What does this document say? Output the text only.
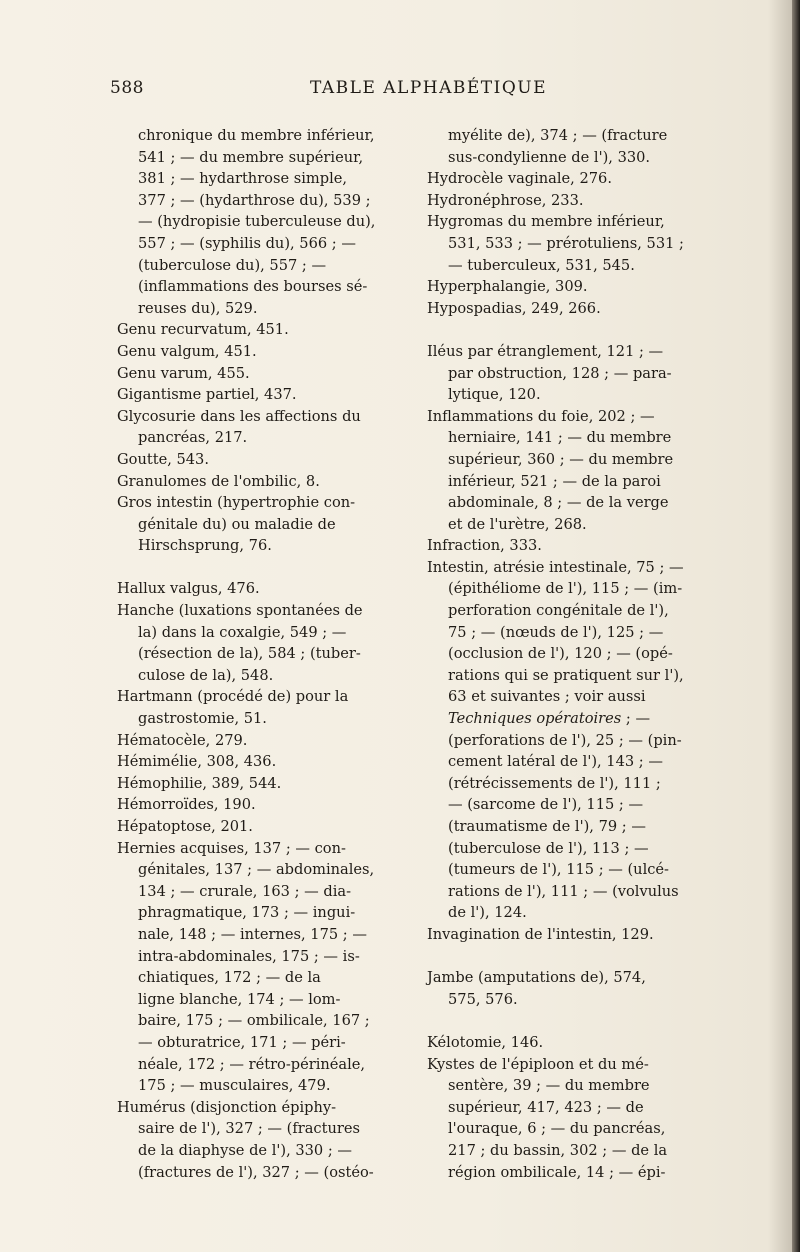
588	TABLE ALPHABÉTIQUE
chronique du membre inférieur,
541 ; — du membre supérieur,
381 ; — hydarthrose simple,
377 ; — (hydarthrose du), 539 ;
— (hydropisie tuberculeuse du),
557 ; — (syphilis du), 566 ; —
(tuberculose du), 557 ; —
(inflammations des bourses sé-
reuses du), 529.
Genu recurvatum, 451.
Genu valgum, 451.
Genu varum, 455.
Gigantisme partiel, 437.
Glycosurie dans les affections du
pancréas, 217.
Goutte, 543.
Granulomes de l'ombilic, 8.
Gros intestin (hypertrophie con-
génitale du) ou maladie de
Hirschsprung, 76.
Hallux valgus, 476.
Hanche (luxations spontanées de
la) dans la coxalgie, 549 ; —
(résection de la), 584 ; (tuber-
culose de la), 548.
Hartmann (procédé de) pour la
gastrostomie, 51.
Hématocèle, 279.
Hémimélie, 308, 436.
Hémophilie, 389, 544.
Hémorroïdes, 190.
Hépatoptose, 201.
Hernies acquises, 137 ; — con-
génitales, 137 ; — abdominales,
134 ; — crurale, 163 ; — dia-
phragmatique, 173 ; — ingui-
nale, 148 ; — internes, 175 ; —
intra-abdominales, 175 ; — is-
chiatiques, 172 ; — de la
ligne blanche, 174 ; — lom-
baire, 175 ; — ombilicale, 167 ;
— obturatrice, 171 ; — péri-
néale, 172 ; — rétro-périnéale,
175 ; — musculaires, 479.
Humérus (disjonction épiphy-
saire de l'), 327 ; — (fractures
de la diaphyse de l'), 330 ; —
(fractures de l'), 327 ; — (ostéo-
myélite de), 374 ; — (fracture
sus-condylienne de l'), 330.
Hydrocèle vaginale, 276.
Hydronéphrose, 233.
Hygromas du membre inférieur,
531, 533 ; — prérotuliens, 531 ;
— tuberculeux, 531, 545.
Hyperphalangie, 309.
Hypospadias, 249, 266.
Iléus par étranglement, 121 ; —
par obstruction, 128 ; — para-
lytique, 120.
Inflammations du foie, 202 ; —
herniaire, 141 ; — du membre
supérieur, 360 ; — du membre
inférieur, 521 ; — de la paroi
abdominale, 8 ; — de la verge
et de l'urètre, 268.
Infraction, 333.
Intestin, atrésie intestinale, 75 ; —
(épithéliome de l'), 115 ; — (im-
perforation congénitale de l'),
75 ; — (nœuds de l'), 125 ; —
(occlusion de l'), 120 ; — (opé-
rations qui se pratiquent sur l'),
63 et suivantes ; voir aussi
Techniques opératoires ; —
(perforations de l'), 25 ; — (pin-
cement latéral de l'), 143 ; —
(rétrécissements de l'), 111 ;
— (sarcome de l'), 115 ; —
(traumatisme de l'), 79 ; —
(tuberculose de l'), 113 ; —
(tumeurs de l'), 115 ; — (ulcé-
rations de l'), 111 ; — (volvulus
de l'), 124.
Invagination de l'intestin, 129.
Jambe (amputations de), 574,
575, 576.
Kélotomie, 146.
Kystes de l'épiploon et du mé-
sentère, 39 ; — du membre
supérieur, 417, 423 ; — de
l'ouraque, 6 ; — du pancréas,
217 ; du bassin, 302 ; — de la
région ombilicale, 14 ; — épi-
